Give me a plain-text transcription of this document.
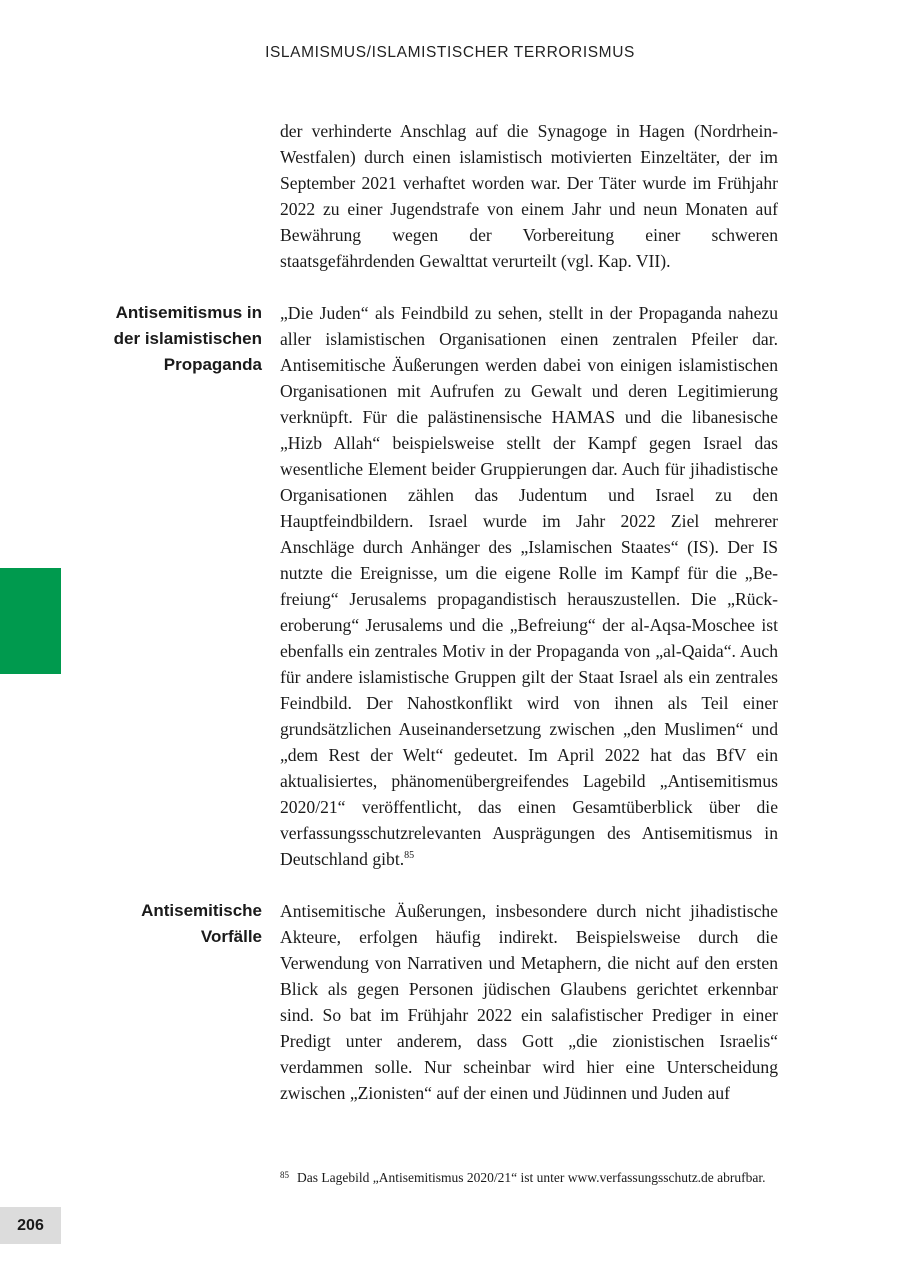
ISLAMISMUS/ISLAMISTISCHER TERRORISMUS
der verhinderte Anschlag auf die Synagoge in Hagen (Nordrhein-Westfalen) durch einen islamistisch motivierten Einzeltäter, der im September 2021 verhaftet worden war. Der Täter wurde im Frühjahr 2022 zu einer Jugendstrafe von einem Jahr und neun Monaten auf Bewährung wegen der Vorbereitung einer schweren staatsgefährdenden Gewalttat verurteilt (vgl. Kap. VII).
Antisemitismus in
der islamistischen
Propaganda
„Die Juden“ als Feindbild zu sehen, stellt in der Propaganda nahezu aller islamistischen Organisationen einen zentralen Pfeiler dar. Antisemitische Äußerungen werden dabei von einigen islamistischen Organisationen mit Aufrufen zu Gewalt und deren Legitimierung verknüpft. Für die palästinensische HAMAS und die libanesische „Hizb Allah“ beispielsweise stellt der Kampf gegen Israel das wesentliche Element beider Gruppierungen dar. Auch für jihadistische Organisationen zählen das Judentum und Israel zu den Hauptfeindbildern. Israel wurde im Jahr 2022 Ziel mehrerer Anschläge durch Anhänger des „Islamischen Staates“ (IS). Der IS nutzte die Ereignisse, um die eigene Rolle im Kampf für die „Befreiung“ Jerusalems propagandistisch herauszustellen. Die „Rückeroberung“ Jerusalems und die „Befreiung“ der al-Aqsa-Moschee ist ebenfalls ein zentrales Motiv in der Propaganda von „al-Qaida“. Auch für andere islamistische Gruppen gilt der Staat Israel als ein zentrales Feindbild. Der Nahostkonflikt wird von ihnen als Teil einer grundsätzlichen Auseinandersetzung zwischen „den Muslimen“ und „dem Rest der Welt“ gedeutet. Im April 2022 hat das BfV ein aktualisiertes, phänomenübergreifendes Lagebild „Antisemitismus 2020/21“ veröffentlicht, das einen Gesamtüberblick über die verfassungsschutzrelevanten Ausprägungen des Antisemitismus in Deutschland gibt.$^{85}$
Antisemitische
Vorfälle
Antisemitische Äußerungen, insbesondere durch nicht jihadistische Akteure, erfolgen häufig indirekt. Beispielsweise durch die Verwendung von Narrativen und Metaphern, die nicht auf den ersten Blick als gegen Personen jüdischen Glaubens gerichtet erkennbar sind. So bat im Frühjahr 2022 ein salafistischer Prediger in einer Predigt unter anderem, dass Gott „die zionistischen Israelis“ verdammen solle. Nur scheinbar wird hier eine Unterscheidung zwischen „Zionisten“ auf der einen und Jüdinnen und Juden auf
85 Das Lagebild „Antisemitismus 2020/21“ ist unter www.verfassungsschutz.de abrufbar.
206
